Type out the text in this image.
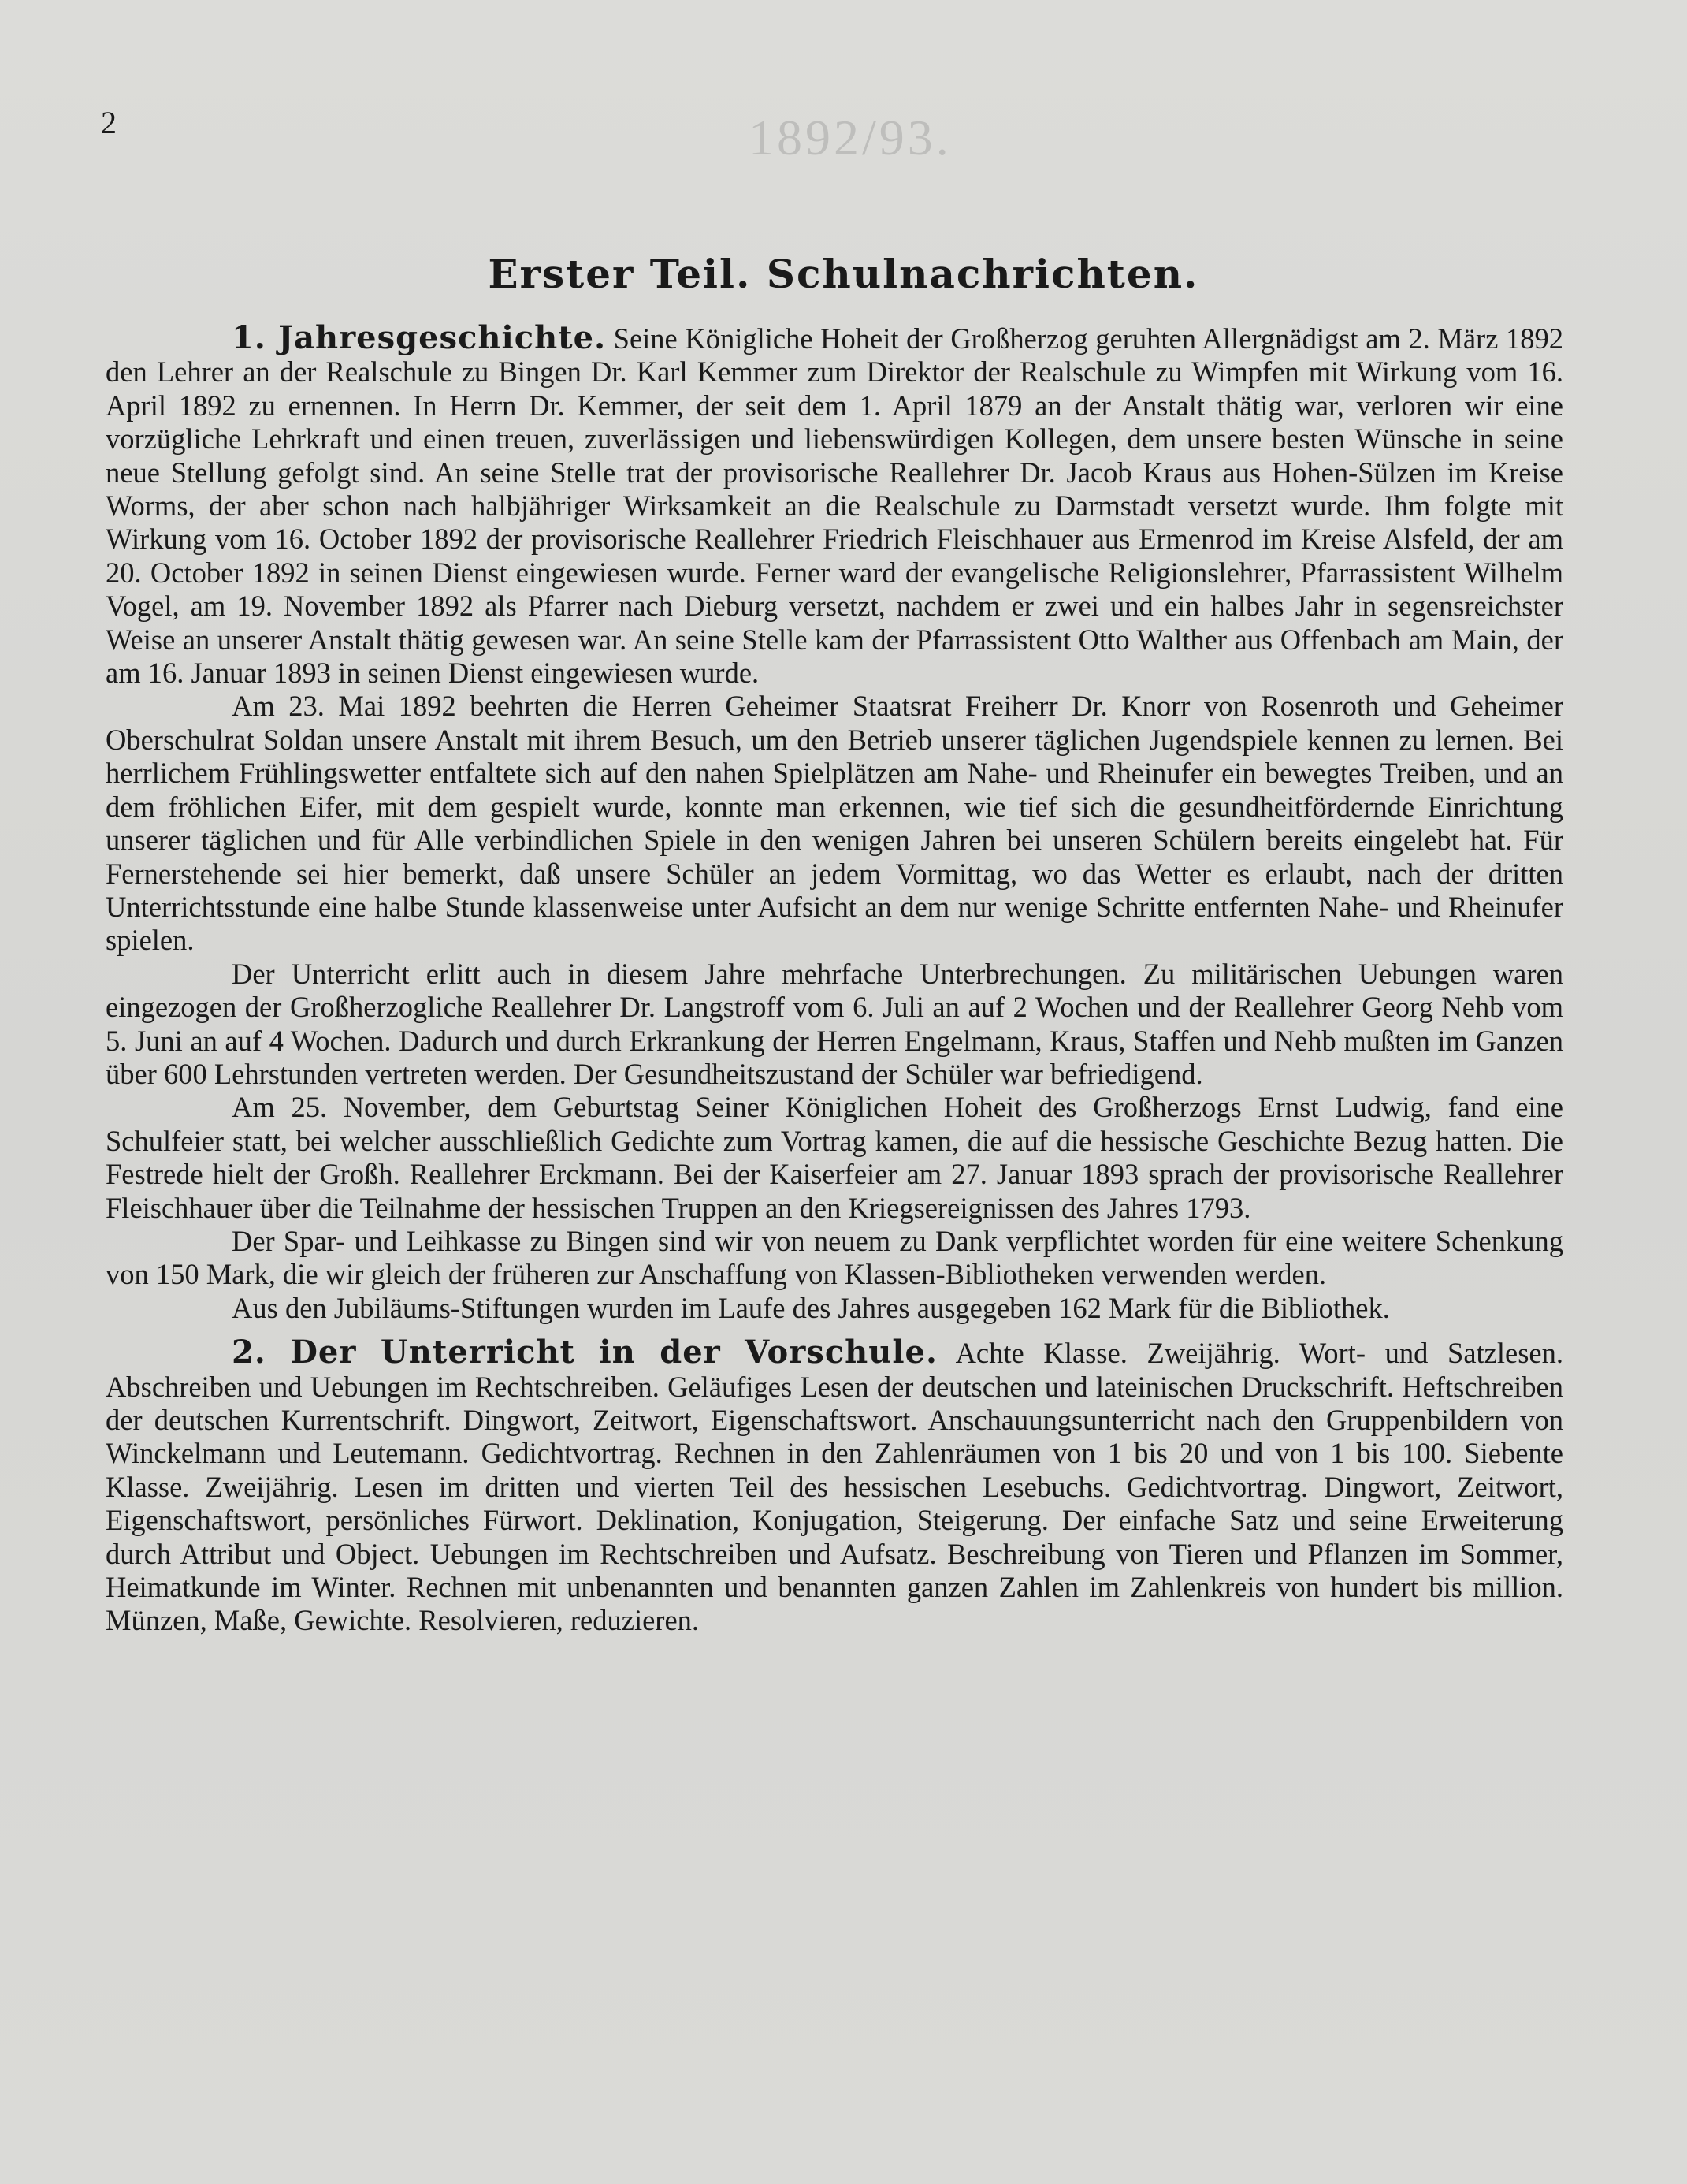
2	1892/93.
Erster Teil. Schulnachrichten.

1. Jahresgeschichte. Seine Königliche Hoheit der Großherzog geruhten Allergnädigst am 2. März 1892 den Lehrer an der Realschule zu Bingen Dr. Karl Kemmer zum Direktor der Realschule zu Wimpfen mit Wirkung vom 16. April 1892 zu ernennen. In Herrn Dr. Kemmer, der seit dem 1. April 1879 an der Anstalt thätig war, verloren wir eine vorzügliche Lehrkraft und einen treuen, zuverlässigen und liebenswürdigen Kollegen, dem unsere besten Wünsche in seine neue Stellung gefolgt sind. An seine Stelle trat der provisorische Reallehrer Dr. Jacob Kraus aus Hohen-Sülzen im Kreise Worms, der aber schon nach halbjähriger Wirksamkeit an die Realschule zu Darmstadt versetzt wurde. Ihm folgte mit Wirkung vom 16. October 1892 der provisorische Reallehrer Friedrich Fleischhauer aus Ermenrod im Kreise Alsfeld, der am 20. October 1892 in seinen Dienst eingewiesen wurde. Ferner ward der evangelische Religionslehrer, Pfarrassistent Wilhelm Vogel, am 19. November 1892 als Pfarrer nach Dieburg versetzt, nachdem er zwei und ein halbes Jahr in segensreichster Weise an unserer Anstalt thätig gewesen war. An seine Stelle kam der Pfarrassistent Otto Walther aus Offenbach am Main, der am 16. Januar 1893 in seinen Dienst eingewiesen wurde.

Am 23. Mai 1892 beehrten die Herren Geheimer Staatsrat Freiherr Dr. Knorr von Rosenroth und Geheimer Oberschulrat Soldan unsere Anstalt mit ihrem Besuch, um den Betrieb unserer täglichen Jugendspiele kennen zu lernen. Bei herrlichem Frühlingswetter entfaltete sich auf den nahen Spielplätzen am Nahe- und Rheinufer ein bewegtes Treiben, und an dem fröhlichen Eifer, mit dem gespielt wurde, konnte man erkennen, wie tief sich die gesundheitfördernde Einrichtung unserer täglichen und für Alle verbindlichen Spiele in den wenigen Jahren bei unseren Schülern bereits eingelebt hat. Für Fernerstehende sei hier bemerkt, daß unsere Schüler an jedem Vormittag, wo das Wetter es erlaubt, nach der dritten Unterrichtsstunde eine halbe Stunde klassenweise unter Aufsicht an dem nur wenige Schritte entfernten Nahe- und Rheinufer spielen.

Der Unterricht erlitt auch in diesem Jahre mehrfache Unterbrechungen. Zu militärischen Uebungen waren eingezogen der Großherzogliche Reallehrer Dr. Langstroff vom 6. Juli an auf 2 Wochen und der Reallehrer Georg Nehb vom 5. Juni an auf 4 Wochen. Dadurch und durch Erkrankung der Herren Engelmann, Kraus, Staffen und Nehb mußten im Ganzen über 600 Lehrstunden vertreten werden. Der Gesundheitszustand der Schüler war befriedigend.

Am 25. November, dem Geburtstag Seiner Königlichen Hoheit des Großherzogs Ernst Ludwig, fand eine Schulfeier statt, bei welcher ausschließlich Gedichte zum Vortrag kamen, die auf die hessische Geschichte Bezug hatten. Die Festrede hielt der Großh. Reallehrer Erckmann. Bei der Kaiserfeier am 27. Januar 1893 sprach der provisorische Reallehrer Fleischhauer über die Teilnahme der hessischen Truppen an den Kriegsereignissen des Jahres 1793.

Der Spar- und Leihkasse zu Bingen sind wir von neuem zu Dank verpflichtet worden für eine weitere Schenkung von 150 Mark, die wir gleich der früheren zur Anschaffung von Klassen-Bibliotheken verwenden werden.

Aus den Jubiläums-Stiftungen wurden im Laufe des Jahres ausgegeben 162 Mark für die Bibliothek.

2. Der Unterricht in der Vorschule. Achte Klasse. Zweijährig. Wort- und Satzlesen. Abschreiben und Uebungen im Rechtschreiben. Geläufiges Lesen der deutschen und lateinischen Druckschrift. Heftschreiben der deutschen Kurrentschrift. Dingwort, Zeitwort, Eigenschaftswort. Anschauungsunterricht nach den Gruppenbildern von Winckelmann und Leutemann. Gedichtvortrag. Rechnen in den Zahlenräumen von 1 bis 20 und von 1 bis 100. Siebente Klasse. Zweijährig. Lesen im dritten und vierten Teil des hessischen Lesebuchs. Gedichtvortrag. Dingwort, Zeitwort, Eigenschaftswort, persönliches Fürwort. Deklination, Konjugation, Steigerung. Der einfache Satz und seine Erweiterung durch Attribut und Object. Uebungen im Rechtschreiben und Aufsatz. Beschreibung von Tieren und Pflanzen im Sommer, Heimatkunde im Winter. Rechnen mit unbenannten und benannten ganzen Zahlen im Zahlenkreis von hundert bis million. Münzen, Maße, Gewichte. Resolvieren, reduzieren.
